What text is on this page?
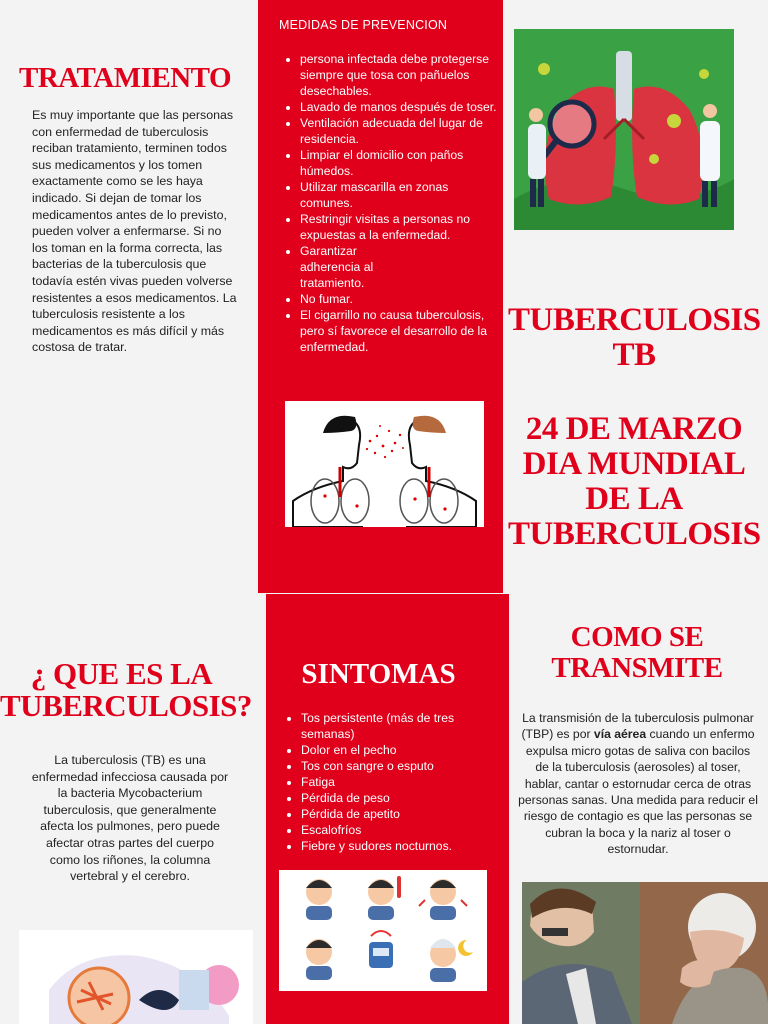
TRATAMIENTO
Es muy importante que las personas con enfermedad de tuberculosis reciban tratamiento, terminen todos sus medicamentos y los tomen exactamente como se les haya indicado. Si dejan de tomar los medicamentos antes de lo previsto, pueden volver a enfermarse. Si no los toman en la forma correcta, las bacterias de la tuberculosis que todavía estén vivas pueden volverse resistentes a esos medicamentos. La tuberculosis resistente a los medicamentos es más difícil y más costosa de tratar.
MEDIDAS DE PREVENCION
• persona infectada debe protegerse siempre que tosa con pañuelos desechables.
• Lavado de manos después de toser.
• Ventilación adecuada del lugar de residencia.
• Limpiar el domicilio con paños húmedos.
• Utilizar mascarilla en zonas comunes.
• Restringir visitas a personas no expuestas a la enfermedad.
• Garantizar adherencia al tratamiento.
• No fumar.
• El cigarrillo no causa tuberculosis, pero sí favorece el desarrollo de la enfermedad.
TUBERCULOSIS
TB
24 DE MARZO
DIA MUNDIAL
DE LA
TUBERCULOSIS
¿ QUE ES LA
TUBERCULOSIS?
La tuberculosis (TB) es una enfermedad infecciosa causada por la bacteria Mycobacterium tuberculosis, que generalmente afecta los pulmones, pero puede afectar otras partes del cuerpo como los riñones, la columna vertebral y el cerebro.
SINTOMAS
• Tos persistente (más de tres semanas)
• Dolor en el pecho
• Tos con sangre o esputo
• Fatiga
• Pérdida de peso
• Pérdida de apetito
• Escalofríos
• Fiebre y sudores nocturnos.
COMO SE
TRANSMITE
La transmisión de la tuberculosis pulmonar (TBP) es por vía aérea cuando un enfermo expulsa micro gotas de saliva con bacilos de la tuberculosis (aerosoles) al toser, hablar, cantar o estornudar cerca de otras personas sanas. Una medida para reducir el riesgo de contagio es que las personas se cubran la boca y la nariz al toser o estornudar.
